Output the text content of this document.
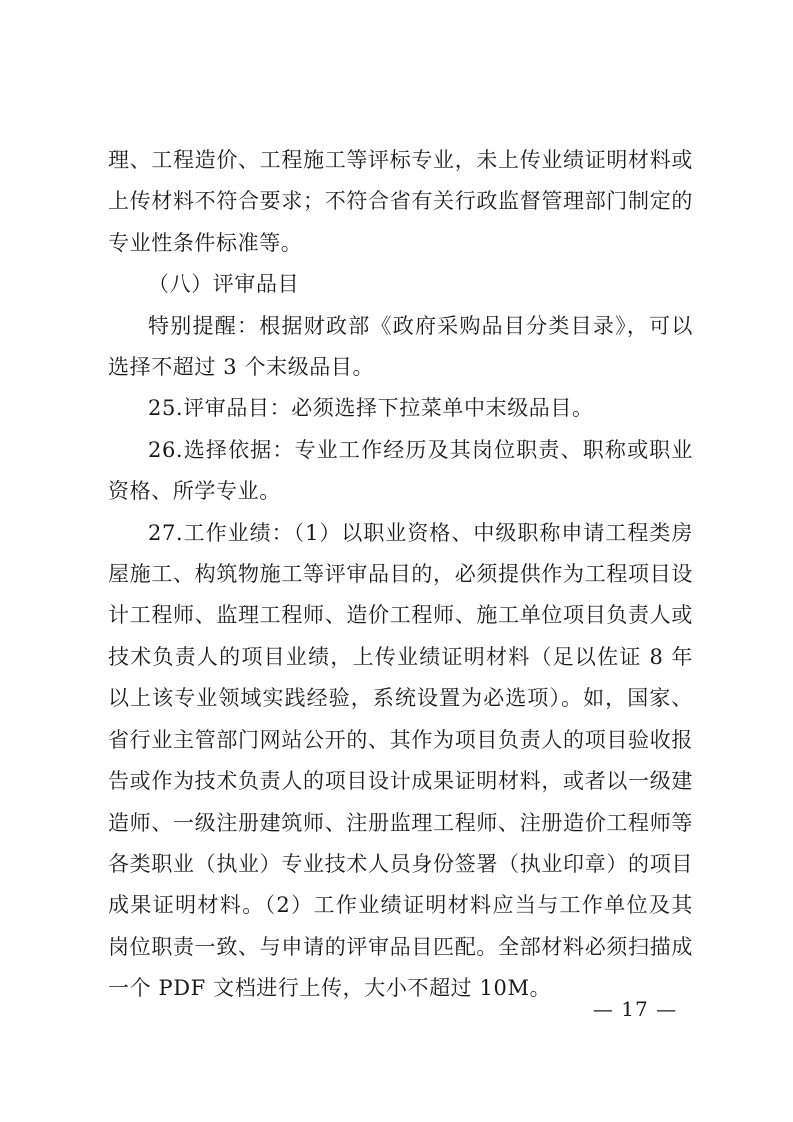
理、工程造价、工程施工等评标专业，未上传业绩证明材料或上传材料不符合要求；不符合省有关行政监督管理部门制定的专业性条件标准等。

（八）评审品目

特别提醒：根据财政部《政府采购品目分类目录》，可以选择不超过 3 个末级品目。

25.评审品目：必须选择下拉菜单中末级品目。

26.选择依据：专业工作经历及其岗位职责、职称或职业资格、所学专业。

27.工作业绩：（1）以职业资格、中级职称申请工程类房屋施工、构筑物施工等评审品目的，必须提供作为工程项目设计工程师、监理工程师、造价工程师、施工单位项目负责人或技术负责人的项目业绩，上传业绩证明材料（足以佐证 8 年以上该专业领域实践经验，系统设置为必选项）。如，国家、省行业主管部门网站公开的、其作为项目负责人的项目验收报告或作为技术负责人的项目设计成果证明材料，或者以一级建造师、一级注册建筑师、注册监理工程师、注册造价工程师等各类职业（执业）专业技术人员身份签署（执业印章）的项目成果证明材料。（2）工作业绩证明材料应当与工作单位及其岗位职责一致、与申请的评审品目匹配。全部材料必须扫描成一个 PDF 文档进行上传，大小不超过 10M。

— 17 —
